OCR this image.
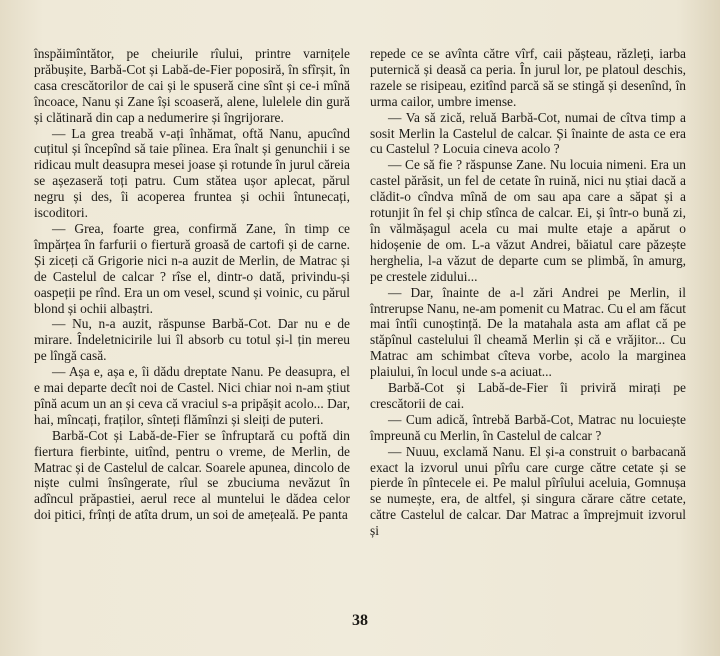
înspăimîntător, pe cheiurile rîului, printre varnițele prăbușite, Barbă-Cot și Labă-de-Fier poposiră, în sfîrșit, în casa crescătorilor de cai și le spuseră cine sînt și ce-i mînă încoace, Nanu și Zane își scoaseră, alene, lulelele din gură și clătinară din cap a nedumerire și îngrijorare.

— La grea treabă v-ați înhămat, oftă Nanu, apucînd cuțitul și începînd să taie pîinea. Era înalt și genunchii i se ridicau mult deasupra mesei joase și rotunde în jurul căreia se așezaseră toți patru. Cum stătea ușor aplecat, părul negru și des, îi acoperea fruntea și ochii întunecați, iscoditori.

— Grea, foarte grea, confirmă Zane, în timp ce împărțea în farfurii o fiertură groasă de cartofi și de carne. Și ziceți că Grigorie nici n-a auzit de Merlin, de Matrac și de Castelul de calcar ? rîse el, dintr-o dată, privindu-și oaspeții pe rînd. Era un om vesel, scund și voinic, cu părul blond și ochii albaștri.

— Nu, n-a auzit, răspunse Barbă-Cot. Dar nu e de mirare. Îndeletnicirile lui îl absorb cu totul și-l țin mereu pe lîngă casă.

— Așa e, așa e, îi dădu dreptate Nanu. Pe deasupra, el e mai departe decît noi de Castel. Nici chiar noi n-am știut pînă acum un an și ceva că vraciul s-a pripășit acolo... Dar, hai, mîncați, fraților, sînteți flămînzi și sleiți de puteri.

Barbă-Cot și Labă-de-Fier se înfruptară cu poftă din fiertura fierbinte, uitînd, pentru o vreme, de Merlin, de Matrac și de Castelul de calcar. Soarele apunea, dincolo de niște culmi însîngerate, rîul se zbuciuma nevăzut în adîncul prăpastiei, aerul rece al muntelui le dădea celor doi pitici, frînți de atîta drum, un soi de amețeală. Pe panta

repede ce se avînta către vîrf, caii pășteau, răzleți, iarba puternică și deasă ca peria. În jurul lor, pe platoul deschis, razele se risipeau, ezitînd parcă să se stingă și desenînd, în urma cailor, umbre imense.

— Va să zică, reluă Barbă-Cot, numai de cîtva timp a sosit Merlin la Castelul de calcar. Și înainte de asta ce era cu Castelul ? Locuia cineva acolo ?

— Ce să fie ? răspunse Zane. Nu locuia nimeni. Era un castel părăsit, un fel de cetate în ruină, nici nu știai dacă a clădit-o cîndva mînă de om sau apa care a săpat și a rotunjit în fel și chip stînca de calcar. Ei, și într-o bună zi, în vălmășagul acela cu mai multe etaje a apărut o hidoșenie de om. L-a văzut Andrei, băiatul care păzește herghelia, l-a văzut de departe cum se plimbă, în amurg, pe crestele zidului...

— Dar, înainte de a-l zări Andrei pe Merlin, il întrerupse Nanu, ne-am pomenit cu Matrac. Cu el am făcut mai întîi cunoștință. De la matahala asta am aflat că pe stăpînul castelului îl cheamă Merlin și că e vrăjitor... Cu Matrac am schimbat cîteva vorbe, acolo la marginea plaiului, în locul unde s-a aciuat...

Barbă-Cot și Labă-de-Fier îi priviră mirați pe crescătorii de cai.

— Cum adică, întrebă Barbă-Cot, Matrac nu locuiește împreună cu Merlin, în Castelul de calcar ?

— Nuuu, exclamă Nanu. El și-a construit o barbacană exact la izvorul unui pîrîu care curge către cetate și se pierde în pîntecele ei. Pe malul pîrîului aceluia, Gomnușa se numește, era, de altfel, și singura cărare către cetate, către Castelul de calcar. Dar Matrac a împrejmuit izvorul și

38
